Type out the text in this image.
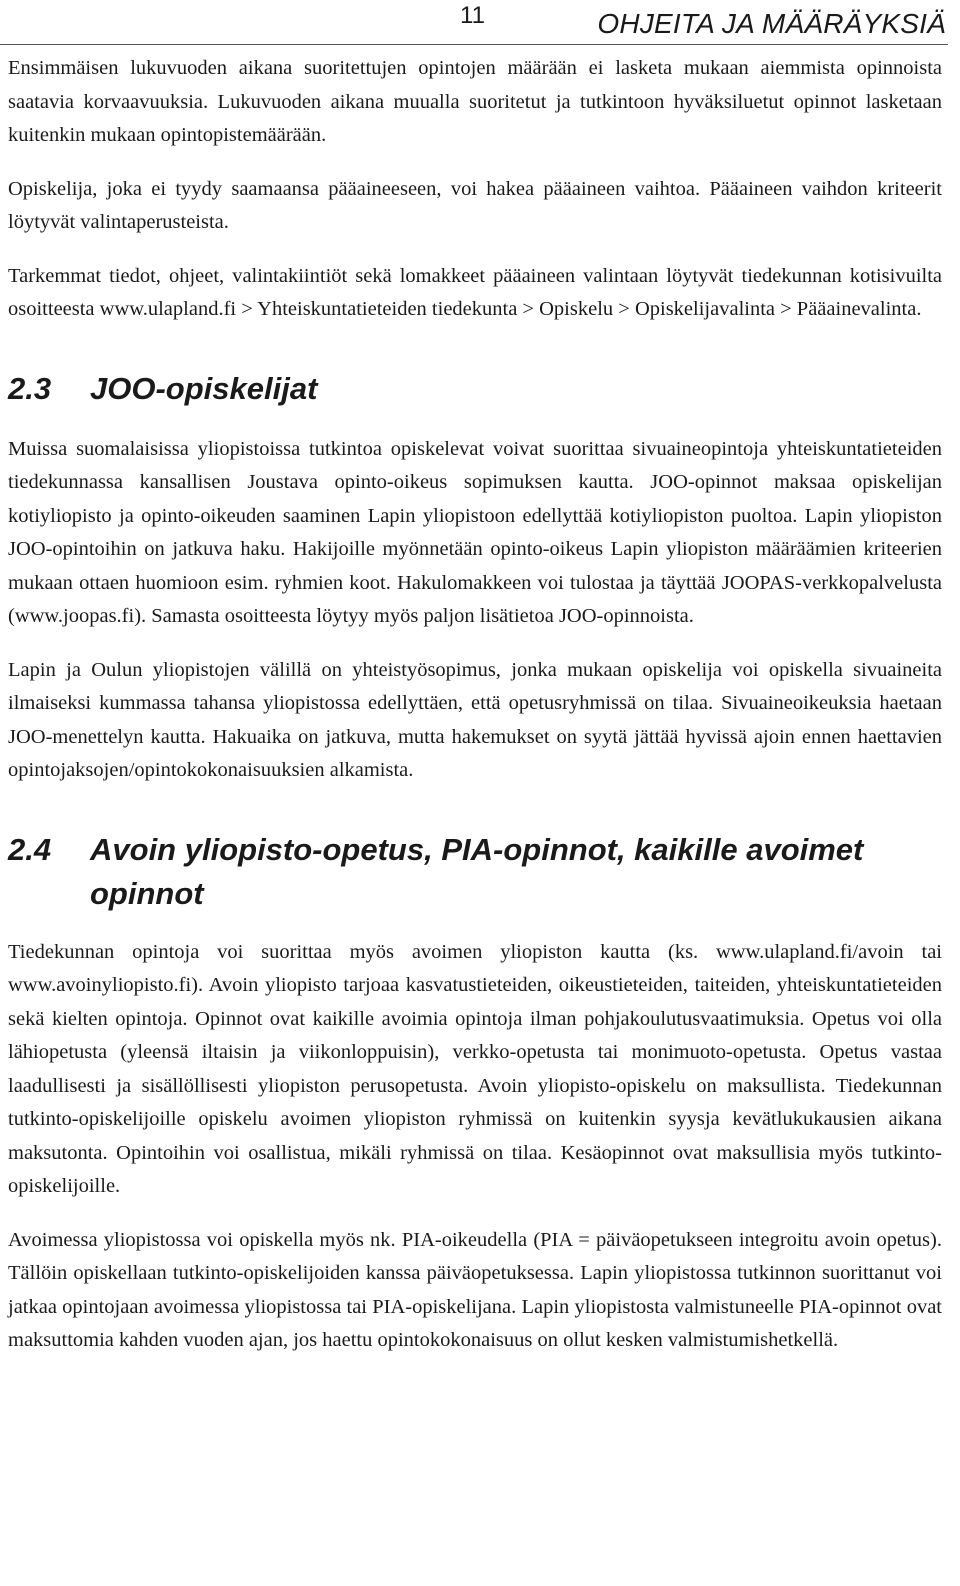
11	OHJEITA JA MÄÄRÄYKSIÄ

Ensimmäisen lukuvuoden aikana suoritettujen opintojen määrään ei lasketa mukaan aiemmista opinnoista saatavia korvaavuuksia. Lukuvuoden aikana muualla suoritetut ja tutkintoon hyväksiluetut opinnot lasketaan kuitenkin mukaan opintopistemäärään.

Opiskelija, joka ei tyydy saamaansa pääaineeseen, voi hakea pääaineen vaihtoa. Pääaineen vaihdon kriteerit löytyvät valintaperusteista.

Tarkemmat tiedot, ohjeet, valintakiintiöt sekä lomakkeet pääaineen valintaan löytyvät tiedekunnan kotisivuilta osoitteesta www.ulapland.fi > Yhteiskuntatieteiden tiedekunta > Opiskelu > Opiskelijavalinta > Pääainevalinta.

2.3	JOO-opiskelijat

Muissa suomalaisissa yliopistoissa tutkintoa opiskelevat voivat suorittaa sivuaineopintoja yhteiskuntatieteiden tiedekunnassa kansallisen Joustava opinto-oikeus sopimuksen kautta. JOO-opinnot maksaa opiskelijan kotiyliopisto ja opinto-oikeuden saaminen Lapin yliopistoon edellyttää kotiyliopiston puoltoa. Lapin yliopiston JOO-opintoihin on jatkuva haku. Hakijoille myönnetään opinto-oikeus Lapin yliopiston määräämien kriteerien mukaan ottaen huomioon esim. ryhmien koot. Hakulomakkeen voi tulostaa ja täyttää JOOPAS-verkkopalvelusta (www.joopas.fi). Samasta osoitteesta löytyy myös paljon lisätietoa JOO-opinnoista.

Lapin ja Oulun yliopistojen välillä on yhteistyösopimus, jonka mukaan opiskelija voi opiskella sivuaineita ilmaiseksi kummassa tahansa yliopistossa edellyttäen, että opetusryhmissä on tilaa. Sivuaineoikeuksia haetaan JOO-menettelyn kautta. Hakuaika on jatkuva, mutta hakemukset on syytä jättää hyvissä ajoin ennen haettavien opintojaksojen/opintokokonaisuuksien alkamista.

2.4	Avoin yliopisto-opetus, PIA-opinnot, kaikille avoimet opinnot

Tiedekunnan opintoja voi suorittaa myös avoimen yliopiston kautta (ks. www.ulapland.fi/avoin tai www.avoinyliopisto.fi). Avoin yliopisto tarjoaa kasvatustieteiden, oikeustieteiden, taiteiden, yhteiskuntatieteiden sekä kielten opintoja. Opinnot ovat kaikille avoimia opintoja ilman pohjakoulutusvaatimuksia. Opetus voi olla lähiopetusta (yleensä iltaisin ja viikonloppuisin), verkko-opetusta tai monimuoto-opetusta. Opetus vastaa laadullisesti ja sisällöllisesti yliopiston perusopetusta. Avoin yliopisto-opiskelu on maksullista. Tiedekunnan tutkinto-opiskelijoille opiskelu avoimen yliopiston ryhmissä on kuitenkin syysja kevätlukukausien aikana maksutonta. Opintoihin voi osallistua, mikäli ryhmissä on tilaa. Kesäopinnot ovat maksullisia myös tutkinto-opiskelijoille.

Avoimessa yliopistossa voi opiskella myös nk. PIA-oikeudella (PIA = päiväopetukseen integroitu avoin opetus). Tällöin opiskellaan tutkinto-opiskelijoiden kanssa päiväopetuksessa. Lapin yliopistossa tutkinnon suorittanut voi jatkaa opintojaan avoimessa yliopistossa tai PIA-opiskelijana. Lapin yliopistosta valmistuneelle PIA-opinnot ovat maksuttomia kahden vuoden ajan, jos haettu opintokokonaisuus on ollut kesken valmistumishetkellä.
